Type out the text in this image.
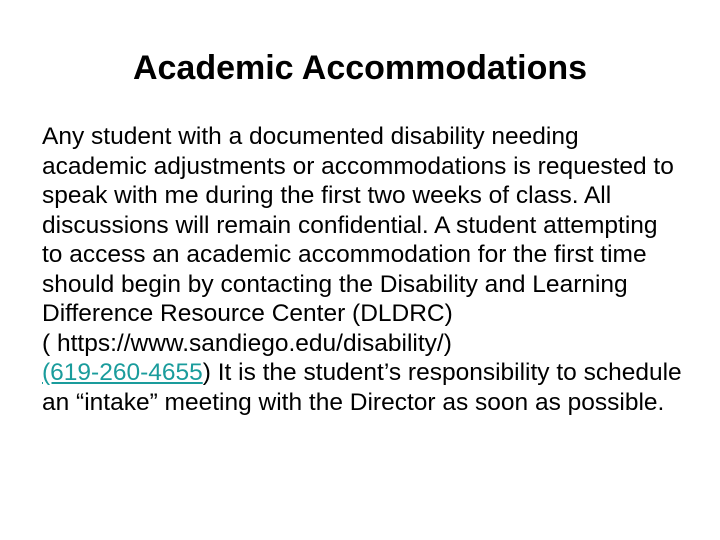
Academic Accommodations

Any student with a documented disability needing academic adjustments or accommodations is requested to speak with me during the first two weeks of class. All discussions will remain confidential. A student attempting to access an academic accommodation for the first time should begin by contacting the Disability and Learning Difference Resource Center (DLDRC)

( https://www.sandiego.edu/disability/)
(619-260-4655) It is the student’s responsibility to schedule an “intake” meeting with the Director as soon as possible.
